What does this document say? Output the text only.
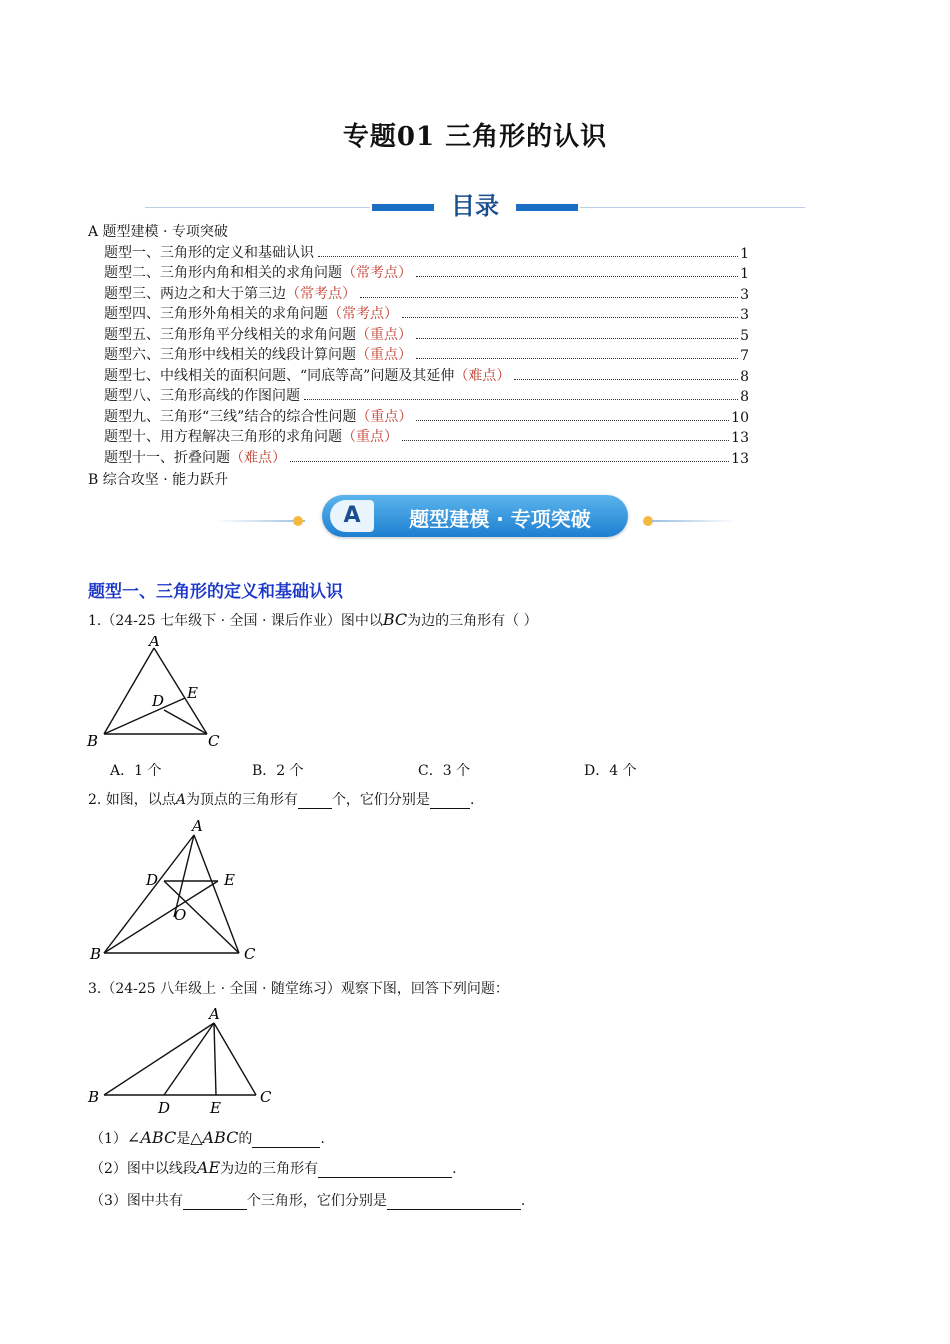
专题01 三角形的认识
目录
A 题型建模 · 专项突破
题型一、三角形的定义和基础认识	1
题型二、三角形内角和相关的求角问题 （常考点）	1
题型三、两边之和大于第三边 （常考点）	3
题型四、三角形外角相关的求角问题 （常考点）	3
题型五、三角形角平分线相关的求角问题 （重点）	5
题型六、三角形中线相关的线段计算问题 （重点）	7
题型七、中线相关的面积问题、“同底等高”问题及其延伸 （难点）	8
题型八、三角形高线的作图问题	8
题型九、三角形“三线”结合的综合性问题 （重点）	10
题型十、用方程解决三角形的求角问题 （重点）	13
题型十一、折叠问题 （难点）	13
B 综合攻坚 · 能力跃升
A	题型建模 · 专项突破
题型一、三角形的定义和基础认识
1.（24-25 七年级下 · 全国 · 课后作业）图中以BC为边的三角形有（ ）
A
B	C
D E
A．1 个	B．2 个	C．3 个	D．4 个
2. 如图，以点A为顶点的三角形有 个，它们分别是	.
A
B	C
D	E
O
3.（24-25 八年级上 · 全国 · 随堂练习）观察下图，回答下列问题：
A
B	C
D	E
（1）∠ABC是△ABC的	.
（2）图中以线段AE为边的三角形有	.
（3）图中共有	个三角形，它们分别是	.
